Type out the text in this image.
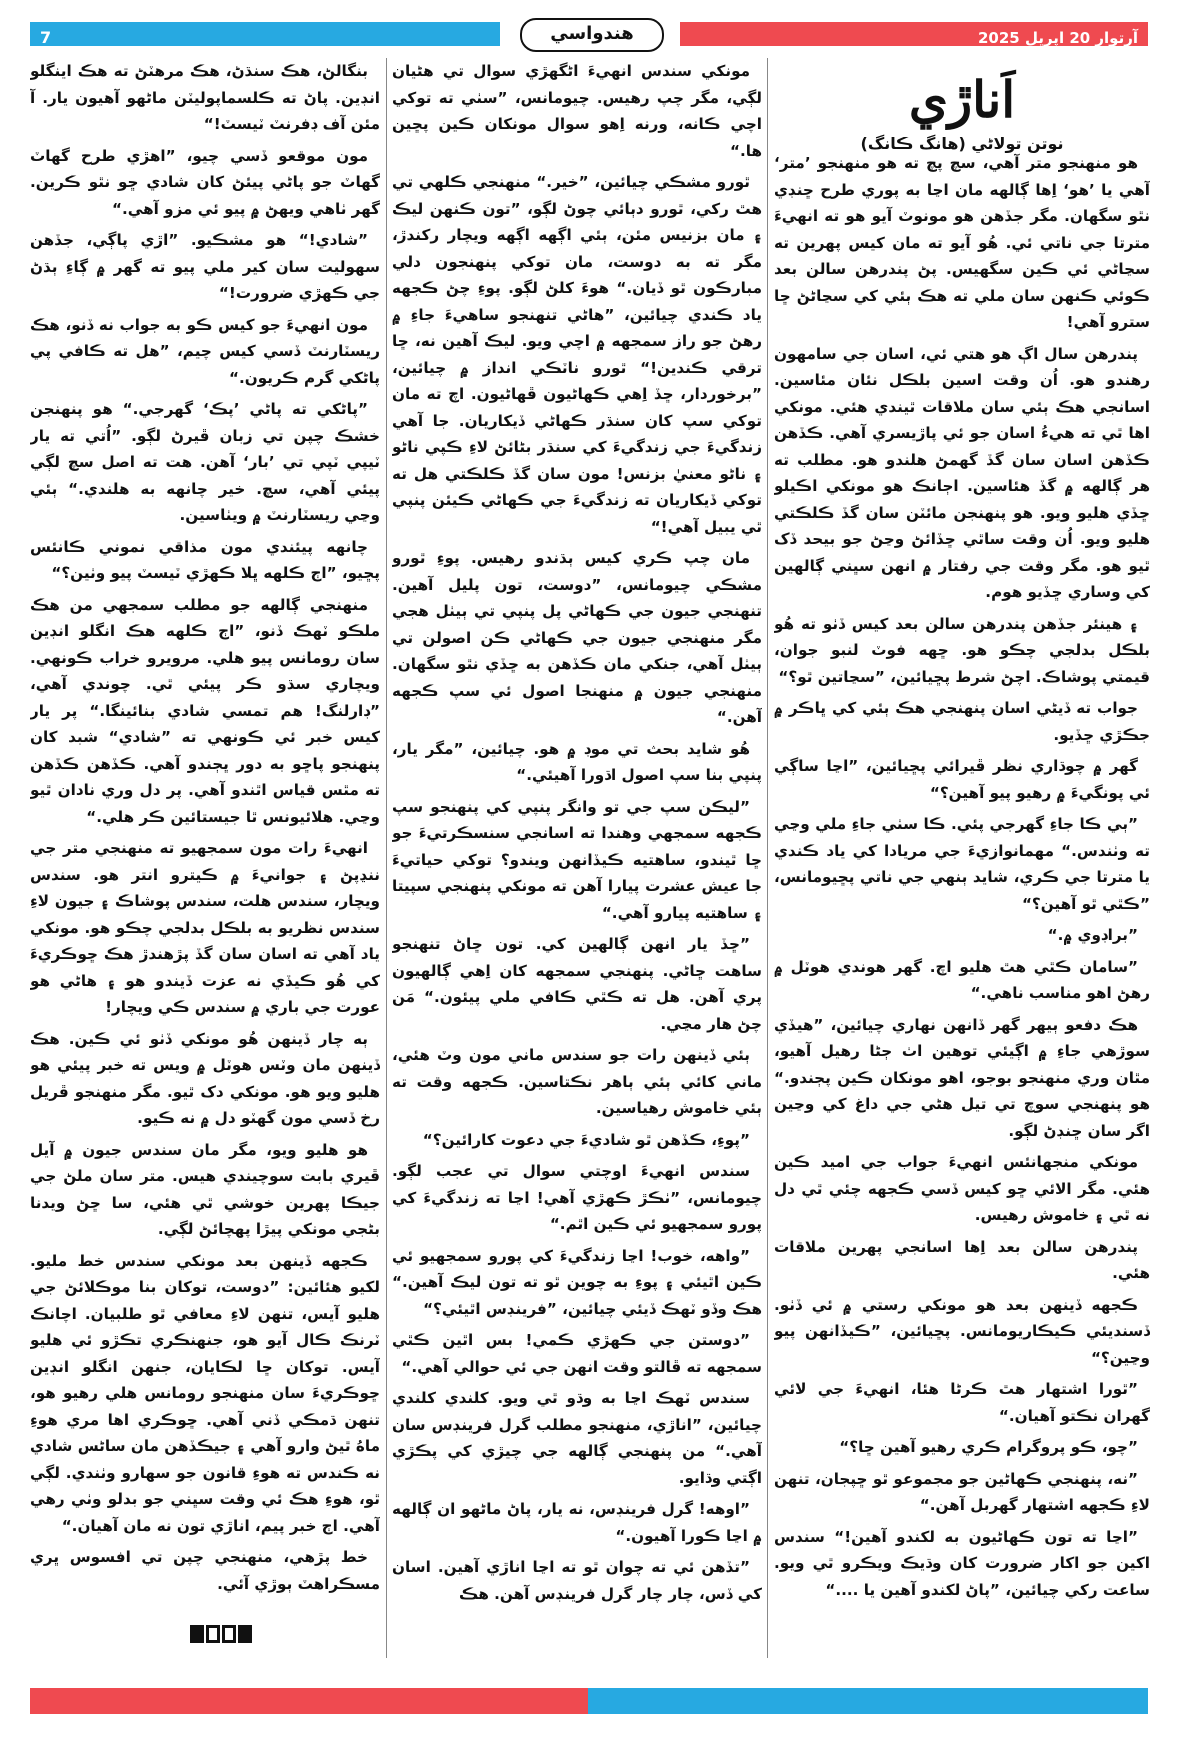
7	آرتوار 20 اپريل 2025
هندواسي
اَناڙي
نوتن تولاڻي (هانگ ڪانگ)

هو منهنجو متر آهي، سچ پچ ته هو منهنجو ’متر‘ آهي يا ’هو‘ اِها ڳالهه مان اڃا به پوري طرح ڇنڊي نٿو سگهان. مگر جڏهن هو مونوٽ آيو هو ته انهيءَ مترتا جي ناتي ئي. هُو آيو ته مان کيس پهرين ته سڃاڻي ئي ڪين سگهيس. پڻ پندرهن سالن بعد ڪوئي ڪنهن سان ملي ته هڪ ٻئي کي سڃاڻڻ ڇا سترو آهي!

پندرهن سال اڳ هو هتي ئي، اسان جي سامهون رهندو هو. اُن وقت اسين بلڪل نئان مئاسين. اسانجي هڪ ٻئي سان ملاقات ٿيندي هئي. مونکي اها ٿي ته هيءُ اسان جو ئي پاڙيسري آهي. ڪڏهن ڪڏهن اسان سان گڏ گهمڻ هلندو هو. مطلب ته هر ڳالهه ۾ گڏ هئاسين. اڄانڪ هو مونکي اڪيلو ڇڏي هليو ويو. هو پنهنجن مائٽن سان گڏ ڪلڪتي هليو ويو. اُن وقت ساٿي ڇڏائڻ وڃڻ جو بيحد ڏک ٿيو هو. مگر وقت جي رفتار ۾ انهن سڀني ڳالهين کي وساري ڇڏيو هوم.

۽ هينئر جڏهن پندرهن سالن بعد کيس ڏٺو ته هُو بلڪل بدلجي چڪو هو. ڇهه فوٽ لنبو جوان، قيمتي پوشاڪ. اچڻ شرط پڇيائين، ”سڃاتين ٿو؟“

جواب ته ڏيڻي اسان پنهنجي هڪ ٻئي کي ڀاڪر ۾ جڪڙي ڇڏيو.

گهر ۾ چوڌاري نظر ڦيرائي پڇيائين، ”اڃا ساڳي ئي پونگيءَ ۾ رهيو پيو آهين؟“

”ٻي ڪا جاءِ گهرجي پئي. ڪا سٺي جاءِ ملي وڃي ته وٺندس.“ مهمانوازيءَ جي مريادا کي ياد ڪندي يا مترتا جي ڪري، شايد ٻنهي جي ناتي پڇيومانس، ”ڪٿي ٿو آهين؟“

”براڊوي ۾.“

”سامان ڪٿي هٿ هليو اچ. گهر هوندي هوٽل ۾ رهڻ اهو مناسب ناهي.“

هڪ دفعو ٻيهر گهر ڏانهن نهاري چيائين، ”هيڏي سوڙهي جاءِ ۾ اڳيئي توهين اٺ ڄڻا رهيل آهيو، مٿان وري منهنجو بوجو، اهو مونکان ڪين پڄندو.“ هو پنهنجي سوچ تي تيل هڻي جي داغ کي وڃين اگر سان ڇنڊڻ لڳو.

مونکي منجهانئس انهيءَ جواب جي اميد ڪين هئي. مگر الائي ڇو کيس ڏسي ڪجهه چئي ٿي دل نه ٿي ۽ خاموش رهيس.

پندرهن سالن بعد اِها اسانجي پهرين ملاقات هئي.

ڪجهه ڏينهن بعد هو مونکي رستي ۾ ئي ڏٺو. ڏسنديئي ڪيڪاريومانس. پڇيائين، ”ڪيڏانهن پيو وڃين؟“

”ٿورا اشتهار هٿ ڪرڻا هئا، انهيءَ جي لائي گهران نڪتو آهيان.“

”چو، ڪو پروگرام ڪري رهيو آهين ڇا؟“

”نه، پنهنجي ڪهاڻين جو مجموعو ٿو ڇپجان، تنهن لاءِ ڪجهه اشتهار گهربل آهن.“

”اڃا ته تون ڪهاڻيون به لکندو آهين!“ سندس اکين جو اکار ضرورت کان وڌيڪ ويڪرو ٿي ويو. ساعت رکي چيائين، ”پاڻ لکندو آهين يا ....“

مونکي سندس انهيءَ اڻگهڙي سوال تي هڻيان لڳي، مگر چپ رهيس. چيومانس، ”سٺي ته توکي اچي ڪانه، ورنه اِهو سوال مونکان ڪين پڇين ها.“

ٿورو مشڪي چيائين، ”خير.“ منهنجي ڪلهي تي هٿ رکي، ٿورو دٻائي چوڻ لڳو، ”تون ڪنهن ليڪ ۽ مان بزنيس مئن، ٻئي اڳهه اڳهه ويچار رکندڙ، مگر ته به دوست، مان توکي پنهنجون دلي مبارڪون ٿو ڏيان.“ هوءَ کلڻ لڳو. پوءِ چڻ ڪجهه ياد ڪندي چيائين، ”هاڻي تنهنجو ساهيءَ جاءِ ۾ رهڻ جو راز سمجهه ۾ اچي ويو. ليڪ آهين نه، ڇا ترقي ڪندين!“ ٿورو ناٽڪي انداز ۾ چيائين، ”برخوردار، ڇڏ اِهي ڪهاڻيون ڦهاڻيون. اچ ته مان توکي سپ کان سنڌر ڪهاڻي ڏيکاريان. جا آهي زندگيءَ جي زندگيءَ کي سنڌر بڻائڻ لاءِ ڪپي ناڻو ۽ ناڻو معنيٰ بزنس! مون سان گڏ ڪلڪتي هل ته توکي ڏيکاريان ته زندگيءَ جي ڪهاڻي ڪيئن پنپي ٿي يبيل آهي!“

مان چپ ڪري کيس ٻڌندو رهيس. پوءِ ٿورو مشڪي چيومانس، ”دوست، تون پليل آهين. تنهنجي جيون جي ڪهاڻي پل پنپي تي ٻيٺل هجي مگر منهنجي جيون جي ڪهاڻي ڪن اصولن تي ٻيٺل آهي، جنکي مان ڪڏهن به ڇڏي نٿو سگهان. منهنجي جيون ۾ منهنجا اصول ئي سپ ڪجهه آهن.“

هُو شايد بحث تي موڊ ۾ هو. چيائين، ”مگر يار، پنپي بنا سپ اصول اڌورا آهيئي.“

”ليڪن سپ جي تو وانگر پنپي کي پنهنجو سپ ڪجهه سمجهي وهندا ته اسانجي سنسڪرتيءَ جو ڇا ٿيندو، ساهتيه ڪيڏانهن ويندو؟ توکي حياتيءَ جا عيش عشرت پيارا آهن ته مونکي پنهنجي سپيتا ۽ ساهتيه پيارو آهي.“

”ڇڏ يار انهن ڳالهين کي. تون ڇاڻ تنهنجو ساهت ڇاڻي. پنهنجي سمجهه کان اِهي ڳالهيون پري آهن. هل ته ڪٿي ڪافي ملي پيئون.“ مَن چڻ هار مڃي.

ٻئي ڏينهن رات جو سندس ماني مون وٽ هئي، ماني کائي ٻئي ٻاهر نڪتاسين. ڪجهه وقت ته ٻئي خاموش رهياسين.

”پوءِ، ڪڏهن ٿو شاديءَ جي دعوت کارائين؟“

سندس انهيءَ اوچتي سوال تي عجب لڳو. چيومانس، ”ٺڪڙ ڪهڙي آهي! اڃا ته زندگيءَ کي پورو سمجهيو ئي ڪين اٿم.“

”واهه، خوب! اڃا زندگيءَ کي پورو سمجهيو ئي ڪين اٿيئي ۽ پوءِ به چوين ٿو ته تون ليڪ آهين.“ هڪ وڏو ٽهڪ ڏيئي چيائين، ”فرينڊس اٿيئي؟“

”دوستن جي ڪهڙي ڪمي! بس اٿين ڪٿي سمجهه ته ڦالتو وقت انهن جي ئي حوالي آهي.“

سندس ٽهڪ اڃا به وڌو ٿي ويو. کلندي کلندي چيائين، ”اناڙي، منهنجو مطلب گرل فرينڊس سان آهي.“ من پنهنجي ڳالهه جي چيڙي کي پڪڙي اڳتي وڌايو.

”اوهه! گرل فرينڊس، نه يار، پاڻ ماڻهو ان ڳالهه ۾ اڃا ڪورا آهيون.“

”تڏهن ئي ته چوان ٿو ته اڃا اناڙي آهين. اسان کي ڏس، چار چار گرل فرينڊس آهن. هڪ

بنگالڻ، هڪ سنڌڻ، هڪ مرهٽڻ ته هڪ اينگلو انڊين. پاڻ ته ڪلسماپوليٽن ماڻهو آهيون يار. آ مئن آف ڊفرنٽ ٽيسٽ!“

مون موقعو ڏسي چيو، ”اهڙي طرح گهاٽ گهاٽ جو پاڻي پيئڻ کان شادي ڇو نٿو ڪرين. گهر ٺاهي ويهڻ ۾ پيو ئي مزو آهي.“

”شادي!“ هو مشڪيو. ”اڙي پاڳي، جڏهن سهوليت سان کير ملي پيو ته گهر ۾ ڳاءِ ٻڌڻ جي ڪهڙي ضرورت!“

مون انهيءَ جو کيس ڪو به جواب نه ڏنو، هڪ ريسٽارنٽ ڏسي کيس چيم، ”هل ته ڪافي پي پاڻکي گرم ڪريون.“

”پاڻکي ته پاڻي ’پڪ‘ گهرجي.“ هو پنهنجن خشڪ چپن تي زبان ڦيرڻ لڳو. ”اُتي ته يار ٽيپي ٽپي تي ’بار‘ آهن. هت ته اصل سچ لڳي پيئي آهي، سچ. خير چانهه به هلندي.“ ٻئي وڃي ريسٽارنٽ ۾ ويٺاسين.

چانهه پيئندي مون مذاقي نموني ڪانئس پڇيو، ”اڄ ڪلهه ڀلا ڪهڙي ٽيسٽ پيو وٺين؟“

منهنجي ڳالهه جو مطلب سمجهي من هڪ ملڪو ٽهڪ ڏنو، ”اڄ ڪلهه هڪ انگلو انڊين سان رومانس پيو هلي. مرويرو خراب ڪونهي. ويچاري سڌو ڪر پيئي ٿي. چوندي آهي، ”ڊارلنگ! هم تمسي شادي بنائينگا.“ پر يار کيس خبر ئي ڪونهي ته ”شادي“ شبد کان پنهنجو پاڇو به دور ڀڄندو آهي. ڪڏهن ڪڏهن ته مٿس قياس اٿندو آهي. پر دل وري نادان ٿيو وڃي. هلائيونس ٿا جيستائين ڪر هلي.“

انهيءَ رات مون سمجهيو ته منهنجي متر جي ننڍپڻ ۽ جوانيءَ ۾ ڪيترو انتر هو. سندس ويچار، سندس هلت، سندس پوشاڪ ۽ جيون لاءِ سندس نظريو به بلڪل بدلجي چڪو هو. مونکي ياد آهي ته اسان سان گڏ پڙهندڙ هڪ ڇوڪريءَ کي هُو ڪيڏي نه عزت ڏيندو هو ۽ هاڻي هو عورت جي باري ۾ سندس ڪي ويچار!

ٻه چار ڏينهن هُو مونکي ڏٺو ئي ڪين. هڪ ڏينهن مان وٽس هوٽل ۾ ويس ته خبر پيئي هو هليو ويو هو. مونکي دک ٿيو. مگر منهنجو ڦريل رخ ڏسي مون گهٽو دل ۾ نه ڪيو.

هو هليو ويو، مگر مان سندس جيون ۾ آيل ڦيري بابت سوچيندي هيس. متر سان ملڻ جي جيڪا پهرين خوشي ٿي هئي، سا ڇڻ ويدنا بڻجي مونکي پيڙا پهچائڻ لڳي.

ڪجهه ڏينهن بعد مونکي سندس خط مليو. لکيو هئائين: ”دوست، توکان بنا موڪلائڻ جي هليو آيس، تنهن لاءِ معافي ٿو طلبيان. اچانڪ ٽرنڪ ڪال آيو هو، جنهنڪري تڪڙو ئي هليو آيس. توکان ڇا لڪايان، جنهن انگلو انڊين ڇوڪريءَ سان منهنجو رومانس هلي رهيو هو، تنهن ڌمڪي ڏني آهي. ڇوڪري اها مري هوءِ ماهُ ٿيڻ وارو آهي ۽ جيڪڏهن مان ساڻس شادي نه ڪندس ته هوءِ قانون جو سهارو وٺندي. لڳي ٿو، هوءِ هڪ ئي وقت سڀني جو بدلو وٺي رهي آهي. اڄ خبر پيم، اناڙي تون نه مان آهيان.“

خط پڙهي، منهنجي چپن تي افسوس ڀري مسڪراهٽ ٻوڙي آئي.
